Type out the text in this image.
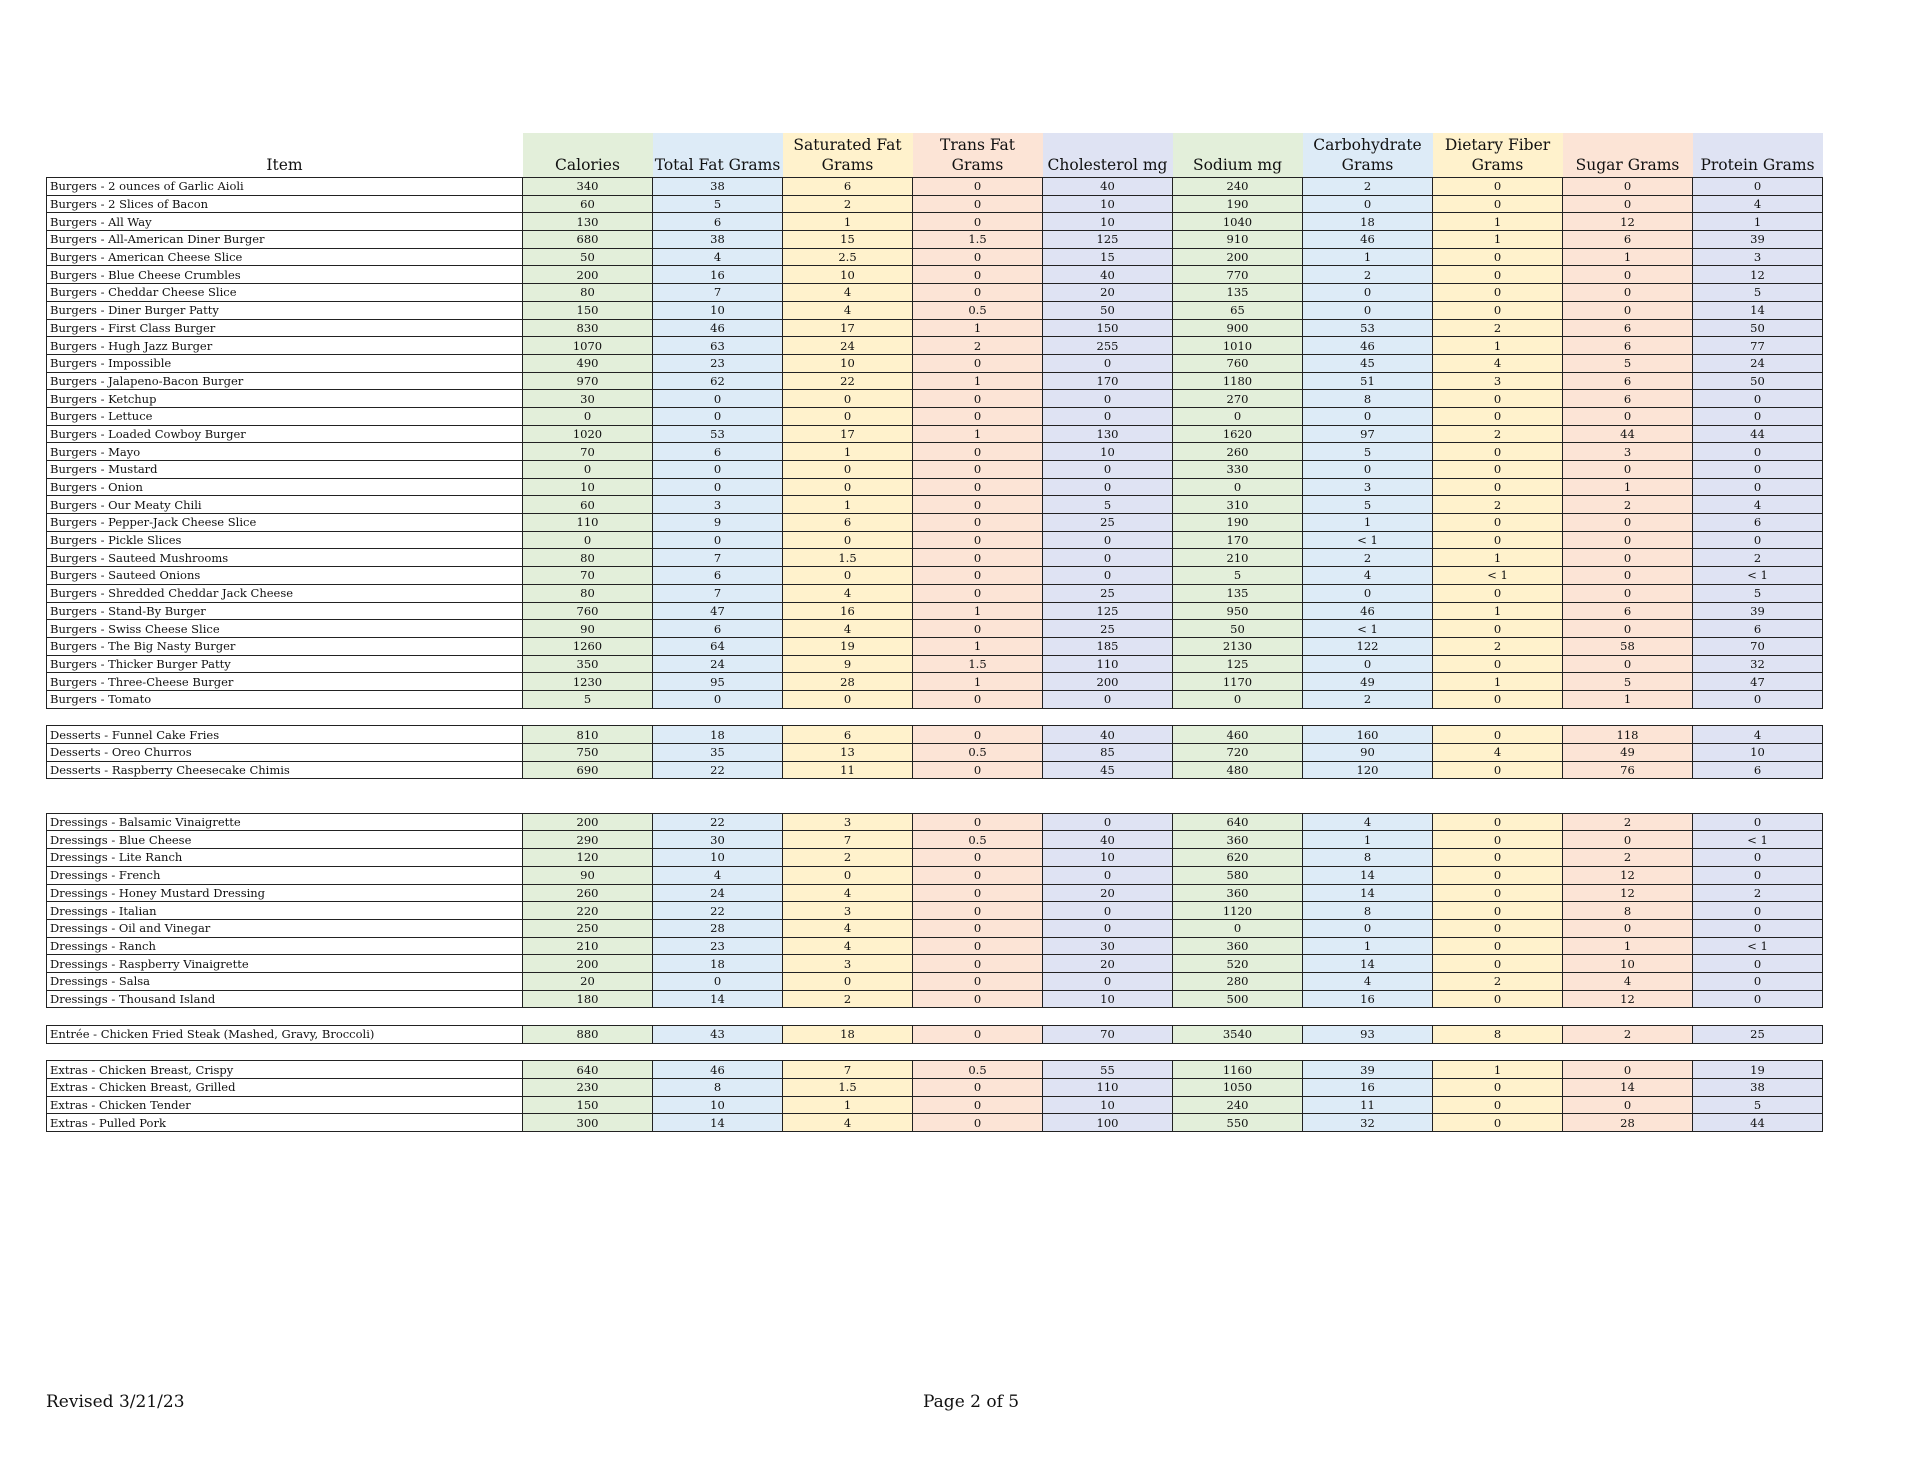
Item	Calories	Total Fat Grams	Saturated Fat Grams	Trans Fat Grams	Cholesterol mg	Sodium mg	Carbohydrate Grams	Dietary Fiber Grams	Sugar Grams	Protein Grams
Burgers - 2 ounces of Garlic Aioli	340	38	6	0	40	240	2	0	0	0
Burgers - 2 Slices of Bacon	60	5	2	0	10	190	0	0	0	4
Burgers - All Way	130	6	1	0	10	1040	18	1	12	1
Burgers - All-American Diner Burger	680	38	15	1.5	125	910	46	1	6	39
Burgers - American Cheese Slice	50	4	2.5	0	15	200	1	0	1	3
Burgers - Blue Cheese Crumbles	200	16	10	0	40	770	2	0	0	12
Burgers - Cheddar Cheese Slice	80	7	4	0	20	135	0	0	0	5
Burgers - Diner Burger Patty	150	10	4	0.5	50	65	0	0	0	14
Burgers - First Class Burger	830	46	17	1	150	900	53	2	6	50
Burgers - Hugh Jazz Burger	1070	63	24	2	255	1010	46	1	6	77
Burgers - Impossible	490	23	10	0	0	760	45	4	5	24
Burgers - Jalapeno-Bacon Burger	970	62	22	1	170	1180	51	3	6	50
Burgers - Ketchup	30	0	0	0	0	270	8	0	6	0
Burgers - Lettuce	0	0	0	0	0	0	0	0	0	0
Burgers - Loaded Cowboy Burger	1020	53	17	1	130	1620	97	2	44	44
Burgers - Mayo	70	6	1	0	10	260	5	0	3	0
Burgers - Mustard	0	0	0	0	0	330	0	0	0	0
Burgers - Onion	10	0	0	0	0	0	3	0	1	0
Burgers - Our Meaty Chili	60	3	1	0	5	310	5	2	2	4
Burgers - Pepper-Jack Cheese Slice	110	9	6	0	25	190	1	0	0	6
Burgers - Pickle Slices	0	0	0	0	0	170	< 1	0	0	0
Burgers - Sauteed Mushrooms	80	7	1.5	0	0	210	2	1	0	2
Burgers - Sauteed Onions	70	6	0	0	0	5	4	< 1	0	< 1
Burgers - Shredded Cheddar Jack Cheese	80	7	4	0	25	135	0	0	0	5
Burgers - Stand-By Burger	760	47	16	1	125	950	46	1	6	39
Burgers - Swiss Cheese Slice	90	6	4	0	25	50	< 1	0	0	6
Burgers - The Big Nasty Burger	1260	64	19	1	185	2130	122	2	58	70
Burgers - Thicker Burger Patty	350	24	9	1.5	110	125	0	0	0	32
Burgers - Three-Cheese Burger	1230	95	28	1	200	1170	49	1	5	47
Burgers - Tomato	5	0	0	0	0	0	2	0	1	0

Desserts - Funnel Cake Fries	810	18	6	0	40	460	160	0	118	4
Desserts - Oreo Churros	750	35	13	0.5	85	720	90	4	49	10
Desserts - Raspberry Cheesecake Chimis	690	22	11	0	45	480	120	0	76	6

Dressings - Balsamic Vinaigrette	200	22	3	0	0	640	4	0	2	0
Dressings - Blue Cheese	290	30	7	0.5	40	360	1	0	0	< 1
Dressings - Lite Ranch	120	10	2	0	10	620	8	0	2	0
Dressings - French	90	4	0	0	0	580	14	0	12	0
Dressings - Honey Mustard Dressing	260	24	4	0	20	360	14	0	12	2
Dressings - Italian	220	22	3	0	0	1120	8	0	8	0
Dressings - Oil and Vinegar	250	28	4	0	0	0	0	0	0	0
Dressings - Ranch	210	23	4	0	30	360	1	0	1	< 1
Dressings - Raspberry Vinaigrette	200	18	3	0	20	520	14	0	10	0
Dressings - Salsa	20	0	0	0	0	280	4	2	4	0
Dressings - Thousand Island	180	14	2	0	10	500	16	0	12	0

Entrée - Chicken Fried Steak (Mashed, Gravy, Broccoli)	880	43	18	0	70	3540	93	8	2	25

Extras - Chicken Breast, Crispy	640	46	7	0.5	55	1160	39	1	0	19
Extras - Chicken Breast, Grilled	230	8	1.5	0	110	1050	16	0	14	38
Extras - Chicken Tender	150	10	1	0	10	240	11	0	0	5
Extras - Pulled Pork	300	14	4	0	100	550	32	0	28	44
Revised 3/21/23	Page 2 of 5
